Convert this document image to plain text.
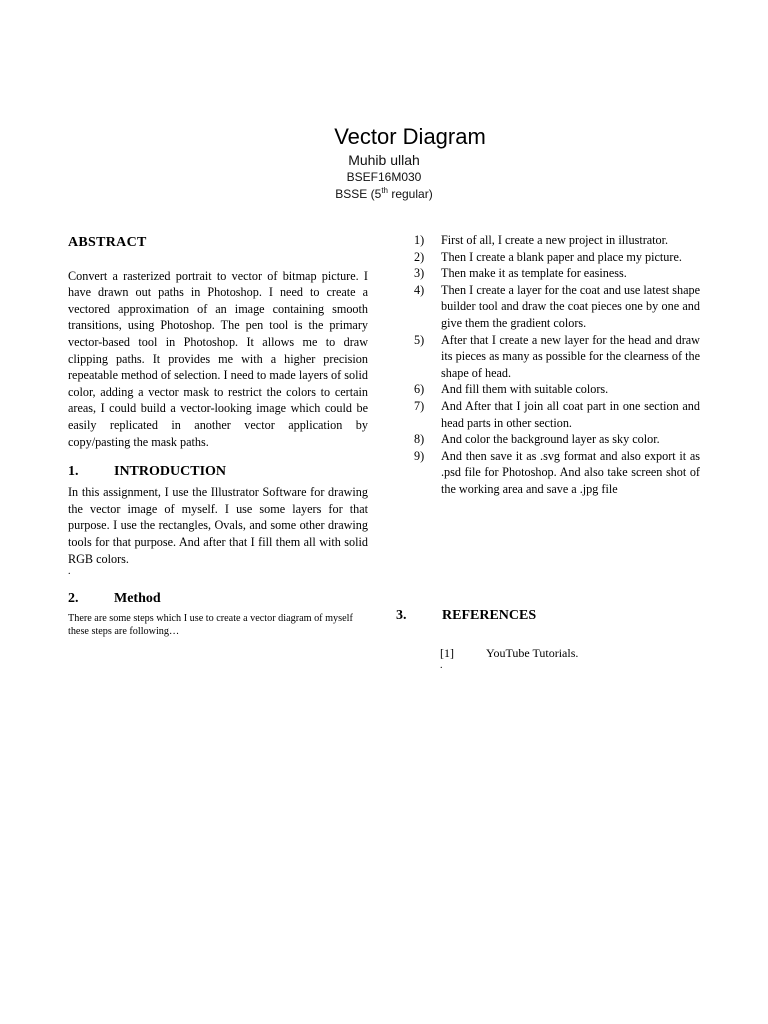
Vector Diagram
Muhib ullah
BSEF16M030
BSSE (5th regular)
ABSTRACT

Convert a rasterized portrait to vector of bitmap picture. I have drawn out paths in Photoshop. I need to create a vectored approximation of an image containing smooth transitions, using Photoshop. The pen tool is the primary vector-based tool in Photoshop. It allows me to draw clipping paths. It provides me with a higher precision repeatable method of selection. I need to made layers of solid color, adding a vector mask to restrict the colors to certain areas, I could build a vector-looking image which could be easily replicated in another vector application by copy/pasting the mask paths.

1.	INTRODUCTION

In this assignment, I use the Illustrator Software for drawing the vector image of myself. I use some layers for that purpose. I use the rectangles, Ovals, and some other drawing tools for that purpose. And after that I fill them all with solid RGB colors.

.
2.	Method

There are some steps which I use to create a vector diagram of myself these steps are following…

1)	First of all, I create a new project in illustrator.
2)	Then I create a blank paper and place my picture.
3)	Then make it as template for easiness.
4)	Then I create a layer for the coat and use latest shape builder tool and draw the coat pieces one by one and give them the gradient colors.
5)	After that I create a new layer for the head and draw its pieces as many as possible for the clearness of the shape of head.
6)	And fill them with suitable colors.
7)	And After that I join all coat part in one section and head parts in other section.
8)	And color the background layer as sky color.
9)	And then save it as .svg format and also export it as .psd file for Photoshop. And also take screen shot of the working area and save a .jpg file
3.	REFERENCES
[1]	YouTube Tutorials.
.
